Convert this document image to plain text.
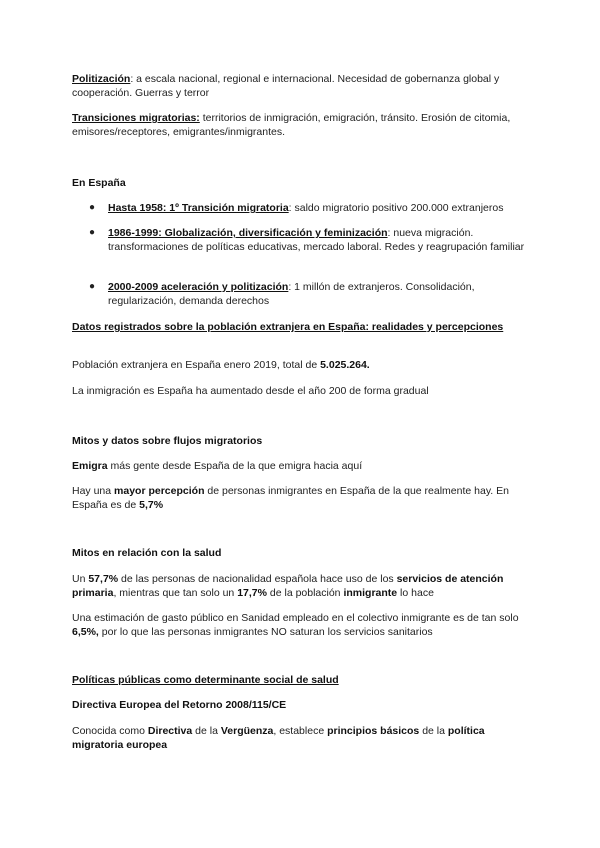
Politización: a escala nacional, regional e internacional. Necesidad de gobernanza global y cooperación. Guerras y terror
Transiciones migratorias: territorios de inmigración, emigración, tránsito. Erosión de citomia, emisores/receptores, emigrantes/inmigrantes.
En España
● Hasta 1958: 1º Transición migratoria: saldo migratorio positivo 200.000 extranjeros
● 1986-1999: Globalización, diversificación y feminización: nueva migración. transformaciones de políticas educativas, mercado laboral. Redes y reagrupación familiar
● 2000-2009 aceleración y politización: 1 millón de extranjeros. Consolidación, regularización, demanda derechos
Datos registrados sobre la población extranjera en España: realidades y percepciones
Población extranjera en España enero 2019, total de 5.025.264.
La inmigración es España ha aumentado desde el año 200 de forma gradual
Mitos y datos sobre flujos migratorios
Emigra más gente desde España de la que emigra hacia aquí
Hay una mayor percepción de personas inmigrantes en España de la que realmente hay. En España es de 5,7%
Mitos en relación con la salud
Un 57,7% de las personas de nacionalidad española hace uso de los servicios de atención primaria, mientras que tan solo un 17,7% de la población inmigrante lo hace
Una estimación de gasto público en Sanidad empleado en el colectivo inmigrante es de tan solo 6,5%, por lo que las personas inmigrantes NO saturan los servicios sanitarios
Políticas públicas como determinante social de salud
Directiva Europea del Retorno 2008/115/CE
Conocida como Directiva de la Vergüenza, establece principios básicos de la política migratoria europea
